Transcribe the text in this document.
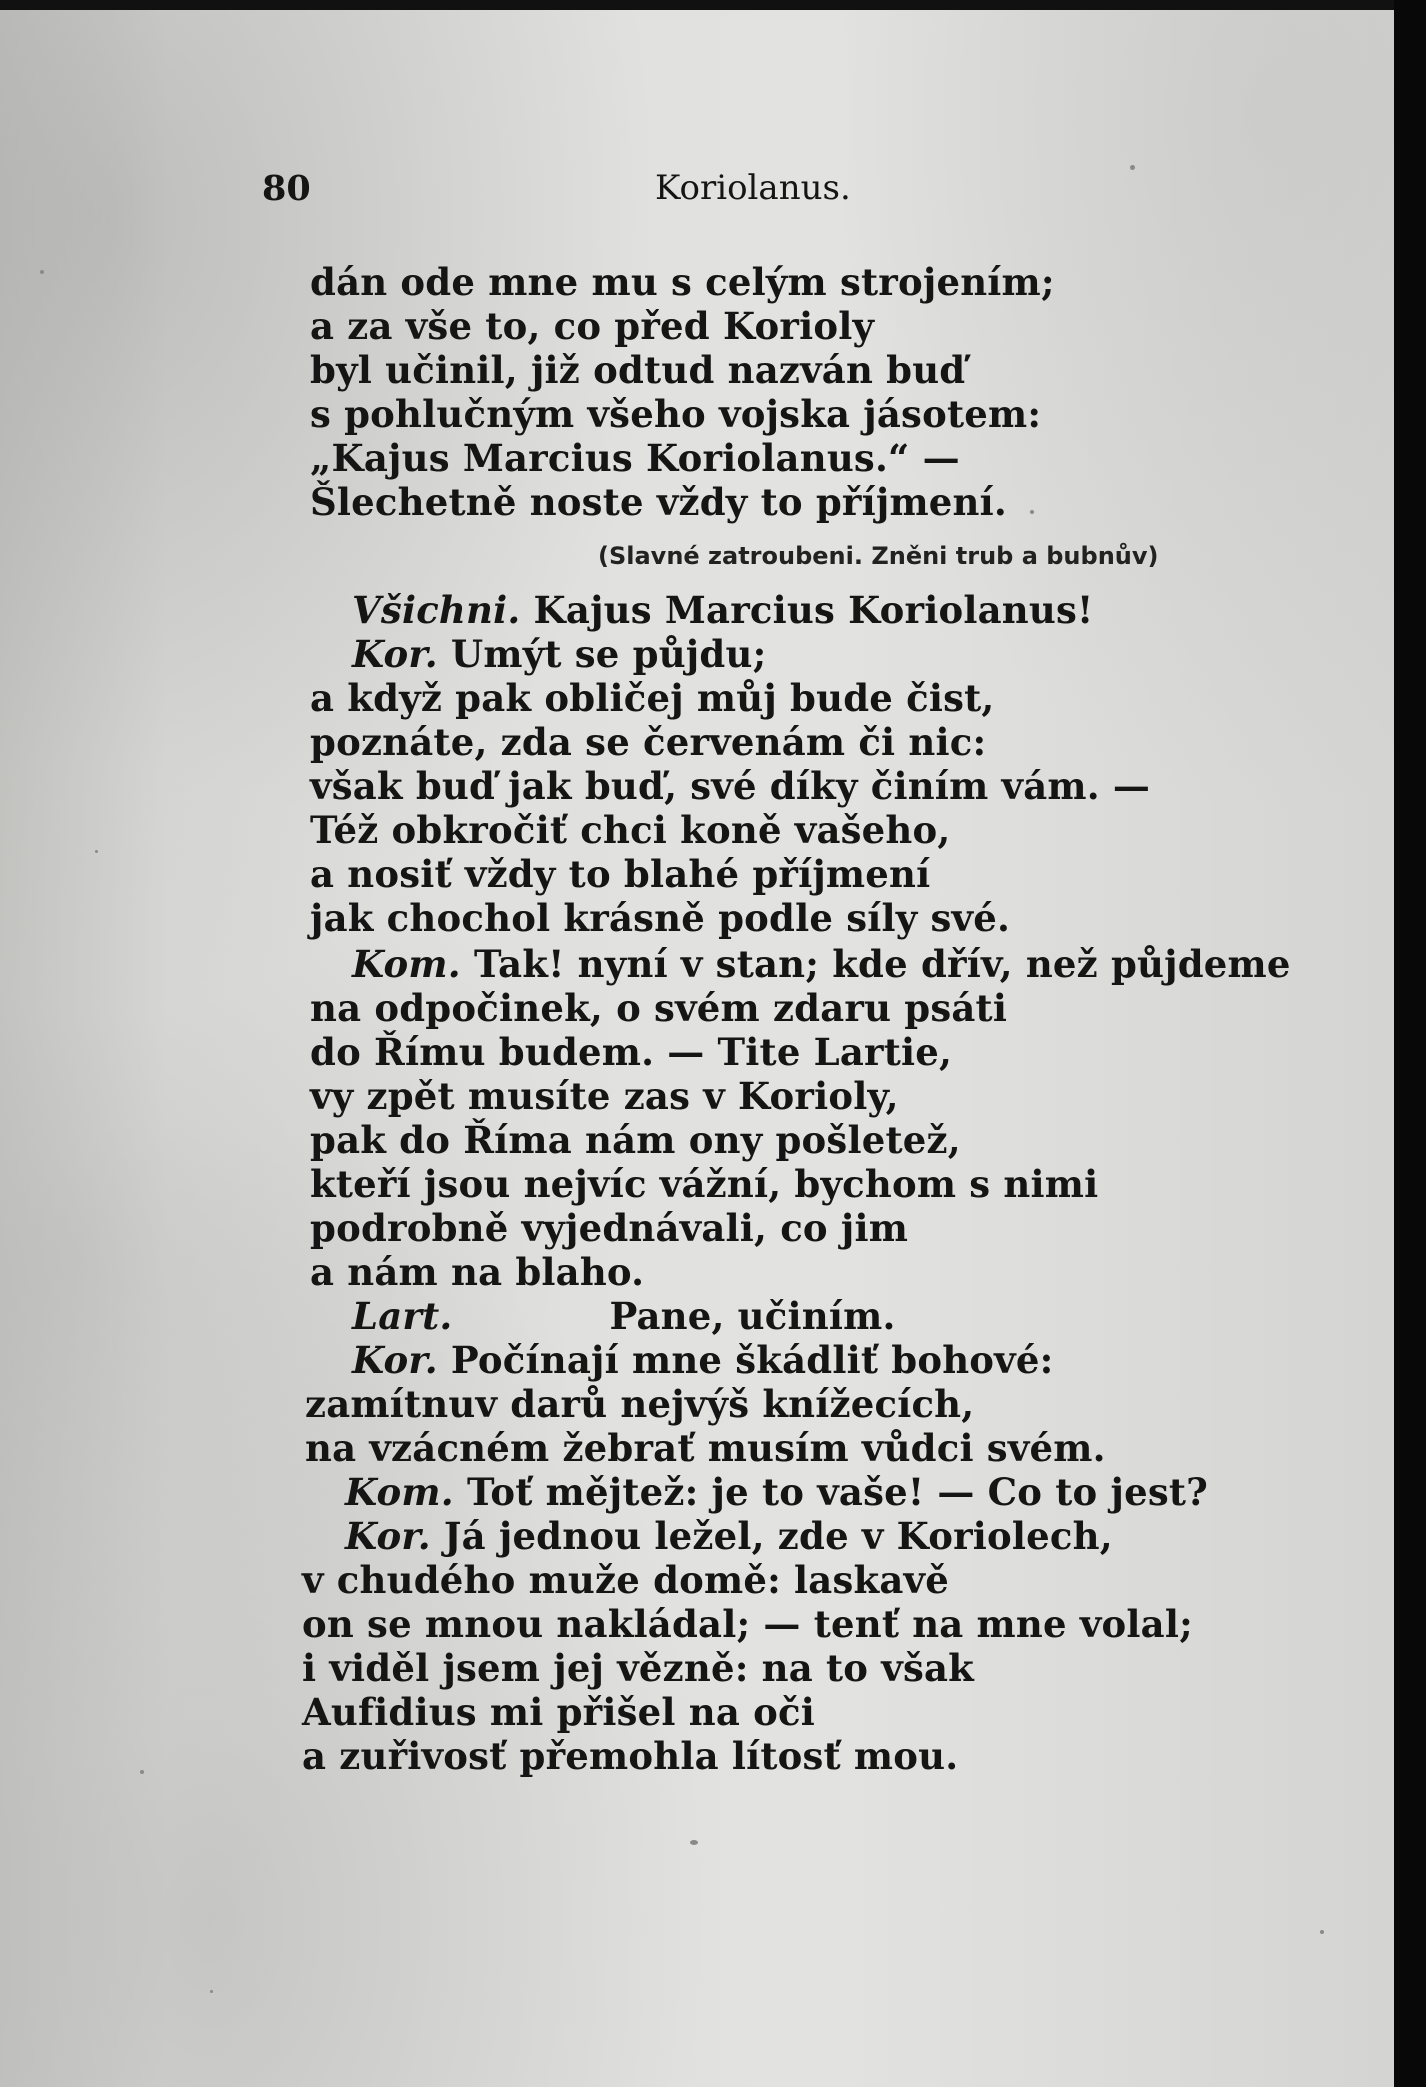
80	Koriolanus.
dán ode mne mu s celým strojením;
a za vše to, co před Korioly
byl učinil, již odtud nazván buď
s pohlučným všeho vojska jásotem:
„Kajus Marcius Koriolanus.“ —
Šlechetně noste vždy to příjmení.
(Slavné zatroubeni. Zněni trub a bubnův)
Všichni. Kajus Marcius Koriolanus!
Kor. Umýt se půjdu;
a když pak obličej můj bude čist,
poznáte, zda se červenám či nic:
však buď jak buď, své díky činím vám. —
Též obkročiť chci koně vašeho,
a nosiť vždy to blahé příjmení
jak chochol krásně podle síly své.
Kom. Tak! nyní v stan; kde dřív, než půjdeme
na odpočinek, o svém zdaru psáti
do Římu budem. — Tite Lartie,
vy zpět musíte zas v Korioly,
pak do Říma nám ony pošletež,
kteří jsou nejvíc vážní, bychom s nimi
podrobně vyjednávali, co jim
a nám na blaho.
Lart.            Pane, učiním.
Kor. Počínají mne škádliť bohové:
zamítnuv darů nejvýš knížecích,
na vzácném žebrať musím vůdci svém.
Kom. Toť mějtež: je to vaše! — Co to jest?
Kor. Já jednou ležel, zde v Koriolech,
v chudého muže domě: laskavě
on se mnou nakládal; — tenť na mne volal;
i viděl jsem jej vězně: na to však
Aufidius mi přišel na oči
a zuřivosť přemohla lítosť mou.
